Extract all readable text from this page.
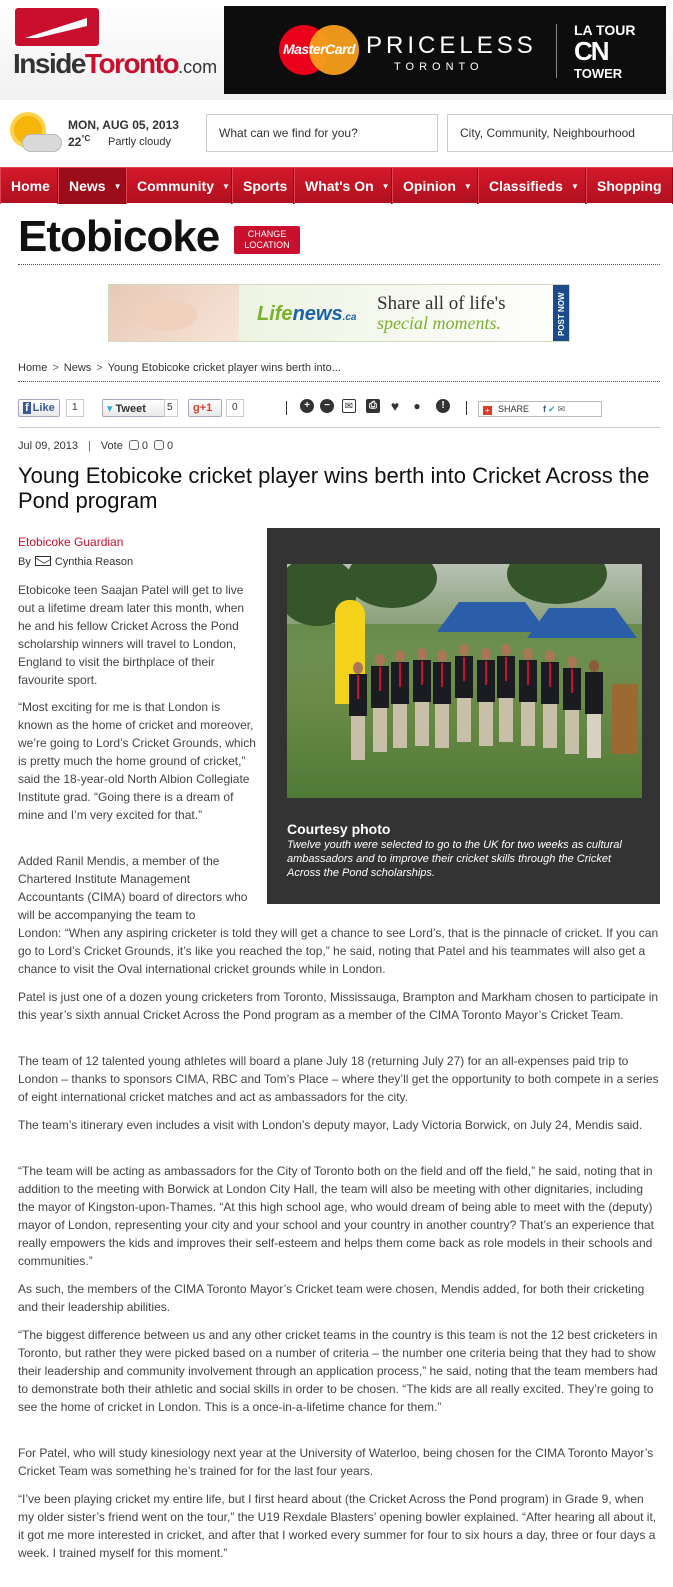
InsideToronto.com
MasterCard PRICELESS
TORONTO
LA TOUR
CN
TOWER
MON, AUG 05, 2013
$22^{^\circ C}$ Partly cloudy
What can we find for you?	City, Community, Neighbourhood
Home	News ▼	Community ▼ Sports	What's On ▼ Opinion ▼	Classifieds ▼	Shopping
Etobicoke	CHANGE
LOCATION
Lifenews.ca
Share all of life's
special moments.	POST NOW
Home > News > Young Etobicoke cricket player wins berth into...
f Like	1	▾ Tweet	5	g+1	0	+	−	✉	⎙ ♥ ●	!	+ SHARE f ✔ ✉
Jul 09, 2013 | Vote 0 0
Young Etobicoke cricket player wins berth into Cricket Across the Pond program
Courtesy photo
Twelve youth were selected to go to the UK for two weeks as cultural ambassadors and to improve their cricket skills through the Cricket Across the Pond scholarships.
Etobicoke Guardian
By Cynthia Reason
Etobicoke teen Saajan Patel will get to live out a lifetime dream later this month, when he and his fellow Cricket Across the Pond scholarship winners will travel to London, England to visit the birthplace of their favourite sport.
“Most exciting for me is that London is known as the home of cricket and moreover, we’re going to Lord’s Cricket Grounds, which is pretty much the home ground of cricket,” said the 18-year-old North Albion Collegiate Institute grad. “Going there is a dream of mine and I’m very excited for that.”
Added Ranil Mendis, a member of the Chartered Institute Management Accountants (CIMA) board of directors who will be accompanying the team to
London: “When any aspiring cricketer is told they will get a chance to see Lord’s, that is the pinnacle of cricket. If you can go to Lord’s Cricket Grounds, it’s like you reached the top,” he said, noting that Patel and his teammates will also get a chance to visit the Oval international cricket grounds while in London.
Patel is just one of a dozen young cricketers from Toronto, Mississauga, Brampton and Markham chosen to participate in this year’s sixth annual Cricket Across the Pond program as a member of the CIMA Toronto Mayor’s Cricket Team.
The team of 12 talented young athletes will board a plane July 18 (returning July 27) for an all-expenses paid trip to London – thanks to sponsors CIMA, RBC and Tom’s Place – where they’ll get the opportunity to both compete in a series of eight international cricket matches and act as ambassadors for the city.
The team’s itinerary even includes a visit with London’s deputy mayor, Lady Victoria Borwick, on July 24, Mendis said.
“The team will be acting as ambassadors for the City of Toronto both on the field and off the field,” he said, noting that in addition to the meeting with Borwick at London City Hall, the team will also be meeting with other dignitaries, including the mayor of Kingston-upon-Thames. “At this high school age, who would dream of being able to meet with the (deputy) mayor of London, representing your city and your school and your country in another country? That’s an experience that really empowers the kids and improves their self-esteem and helps them come back as role models in their schools and communities.”
As such, the members of the CIMA Toronto Mayor’s Cricket team were chosen, Mendis added, for both their cricketing and their leadership abilities.
“The biggest difference between us and any other cricket teams in the country is this team is not the 12 best cricketers in Toronto, but rather they were picked based on a number of criteria – the number one criteria being that they had to show their leadership and community involvement through an application process,” he said, noting that the team members had to demonstrate both their athletic and social skills in order to be chosen. “The kids are all really excited. They’re going to see the home of cricket in London. This is a once-in-a-lifetime chance for them.”
For Patel, who will study kinesiology next year at the University of Waterloo, being chosen for the CIMA Toronto Mayor’s Cricket Team was something he’s trained for for the last four years.
“I’ve been playing cricket my entire life, but I first heard about (the Cricket Across the Pond program) in Grade 9, when my older sister’s friend went on the tour,” the U19 Rexdale Blasters’ opening bowler explained. “After hearing all about it, it got me more interested in cricket, and after that I worked every summer for four to six hours a day, three or four days a week. I trained myself for this moment.”
